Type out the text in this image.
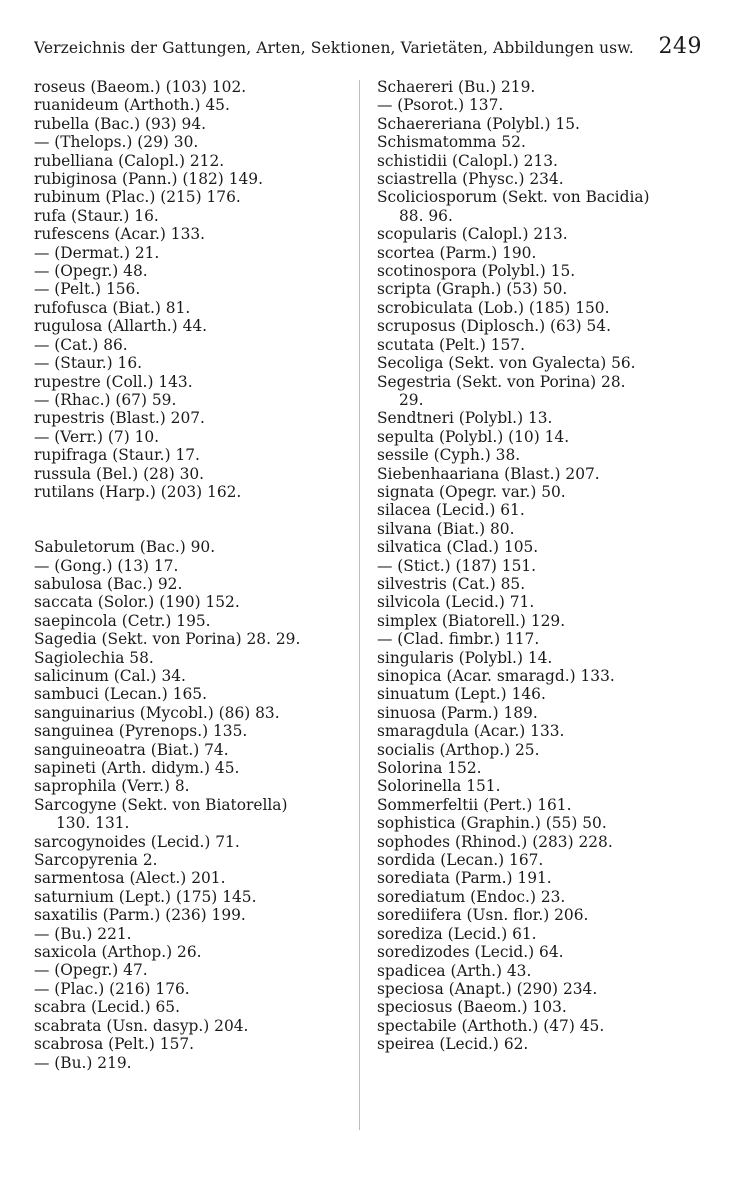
Verzeichnis der Gattungen, Arten, Sektionen, Varietäten, Abbildungen usw. 249
roseus (Baeom.) (103) 102.
ruanideum (Arthoth.) 45.
rubella (Bac.) (93) 94.
— (Thelops.) (29) 30.
rubelliana (Calopl.) 212.
rubiginosa (Pann.) (182) 149.
rubinum (Plac.) (215) 176.
rufa (Staur.) 16.
rufescens (Acar.) 133.
— (Dermat.) 21.
— (Opegr.) 48.
— (Pelt.) 156.
rufofusca (Biat.) 81.
rugulosa (Allarth.) 44.
— (Cat.) 86.
— (Staur.) 16.
rupestre (Coll.) 143.
— (Rhac.) (67) 59.
rupestris (Blast.) 207.
— (Verr.) (7) 10.
rupifraga (Staur.) 17.
russula (Bel.) (28) 30.
rutilans (Harp.) (203) 162.
Sabuletorum (Bac.) 90.
— (Gong.) (13) 17.
sabulosa (Bac.) 92.
saccata (Solor.) (190) 152.
saepincola (Cetr.) 195.
Sagedia (Sekt. von Porina) 28. 29.
Sagiolechia 58.
salicinum (Cal.) 34.
sambuci (Lecan.) 165.
sanguinarius (Mycobl.) (86) 83.
sanguinea (Pyrenops.) 135.
sanguineoatra (Biat.) 74.
sapineti (Arth. didym.) 45.
saprophila (Verr.) 8.
Sarcogyne (Sekt. von Biatorella)
130. 131.
sarcogynoides (Lecid.) 71.
Sarcopyrenia 2.
sarmentosa (Alect.) 201.
saturnium (Lept.) (175) 145.
saxatilis (Parm.) (236) 199.
— (Bu.) 221.
saxicola (Arthop.) 26.
— (Opegr.) 47.
— (Plac.) (216) 176.
scabra (Lecid.) 65.
scabrata (Usn. dasyp.) 204.
scabrosa (Pelt.) 157.
— (Bu.) 219.
Schaereri (Bu.) 219.
— (Psorot.) 137.
Schaereriana (Polybl.) 15.
Schismatomma 52.
schistidii (Calopl.) 213.
sciastrella (Physc.) 234.
Scoliciosporum (Sekt. von Bacidia)
88. 96.
scopularis (Calopl.) 213.
scortea (Parm.) 190.
scotinospora (Polybl.) 15.
scripta (Graph.) (53) 50.
scrobiculata (Lob.) (185) 150.
scruposus (Diplosch.) (63) 54.
scutata (Pelt.) 157.
Secoliga (Sekt. von Gyalecta) 56.
Segestria (Sekt. von Porina) 28.
29.
Sendtneri (Polybl.) 13.
sepulta (Polybl.) (10) 14.
sessile (Cyph.) 38.
Siebenhaariana (Blast.) 207.
signata (Opegr. var.) 50.
silacea (Lecid.) 61.
silvana (Biat.) 80.
silvatica (Clad.) 105.
— (Stict.) (187) 151.
silvestris (Cat.) 85.
silvicola (Lecid.) 71.
simplex (Biatorell.) 129.
— (Clad. fimbr.) 117.
singularis (Polybl.) 14.
sinopica (Acar. smaragd.) 133.
sinuatum (Lept.) 146.
sinuosa (Parm.) 189.
smaragdula (Acar.) 133.
socialis (Arthop.) 25.
Solorina 152.
Solorinella 151.
Sommerfeltii (Pert.) 161.
sophistica (Graphin.) (55) 50.
sophodes (Rhinod.) (283) 228.
sordida (Lecan.) 167.
sorediata (Parm.) 191.
sorediatum (Endoc.) 23.
sorediifera (Usn. flor.) 206.
sorediza (Lecid.) 61.
soredizodes (Lecid.) 64.
spadicea (Arth.) 43.
speciosa (Anapt.) (290) 234.
speciosus (Baeom.) 103.
spectabile (Arthoth.) (47) 45.
speirea (Lecid.) 62.
